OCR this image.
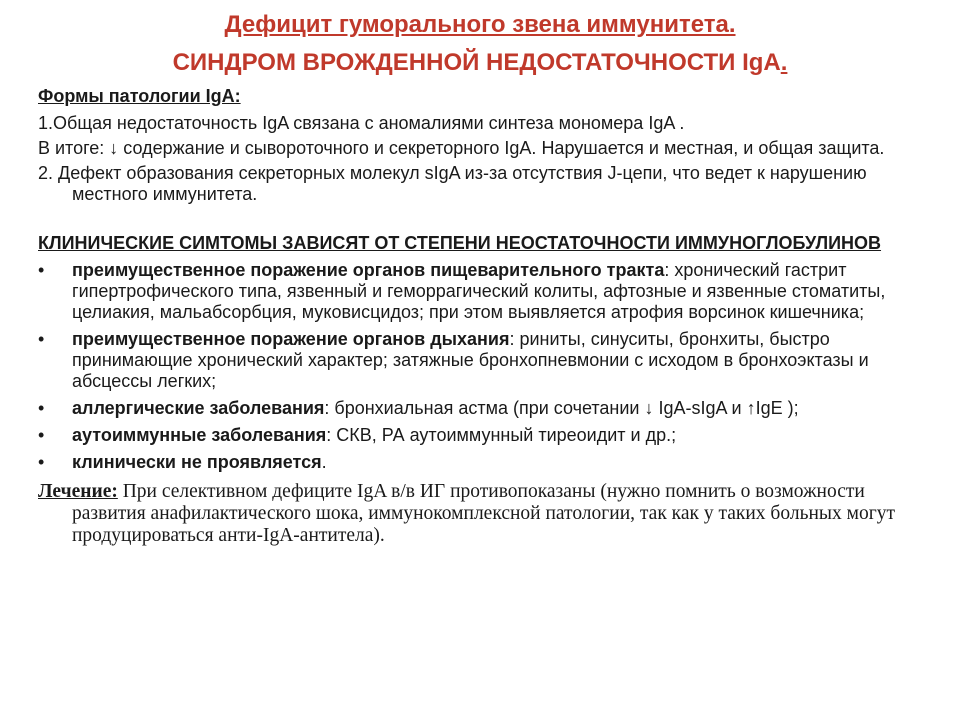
Дефицит гуморального звена иммунитета.
СИНДРОМ ВРОЖДЕННОЙ НЕДОСТАТОЧНОСТИ IgA.

Формы патологии IgA:

1.Общая недостаточность IgA связана с аномалиями синтеза мономера IgA .

В итоге: ↓ содержание и сывороточного и секреторного IgA. Нарушается и местная, и общая защита.

2. Дефект образования секреторных молекул sIgA из-за отсутствия J-цепи, что ведет к нарушению местного иммунитета.

КЛИНИЧЕСКИЕ СИМТОМЫ ЗАВИСЯТ ОТ СТЕПЕНИ НЕОСТАТОЧНОСТИ ИММУНОГЛОБУЛИНОВ

• преимущественное поражение органов пищеварительного тракта: хронический гастрит гипертрофического типа, язвенный и геморрагический колиты, афтозные и язвенные стоматиты, целиакия, мальабсорбция, муковисцидоз; при этом выявляется атрофия ворсинок кишечника;
• преимущественное поражение органов дыхания: риниты, синуситы, бронхиты, быстро принимающие хронический характер; затяжные бронхопневмонии с исходом в бронхоэктазы и абсцессы легких;
• аллергические заболевания: бронхиальная астма (при сочетании ↓ IgA-sIgA и ↑IgE );
• аутоиммунные заболевания: СКВ, РА аутоиммунный тиреоидит и др.;
• клинически не проявляется.

Лечение: При селективном дефиците IgA в/в ИГ противопоказаны (нужно помнить о возможности развития анафилактического шока, иммунокомплексной патологии, так как у таких больных могут продуцироваться анти-IgA-антитела).
